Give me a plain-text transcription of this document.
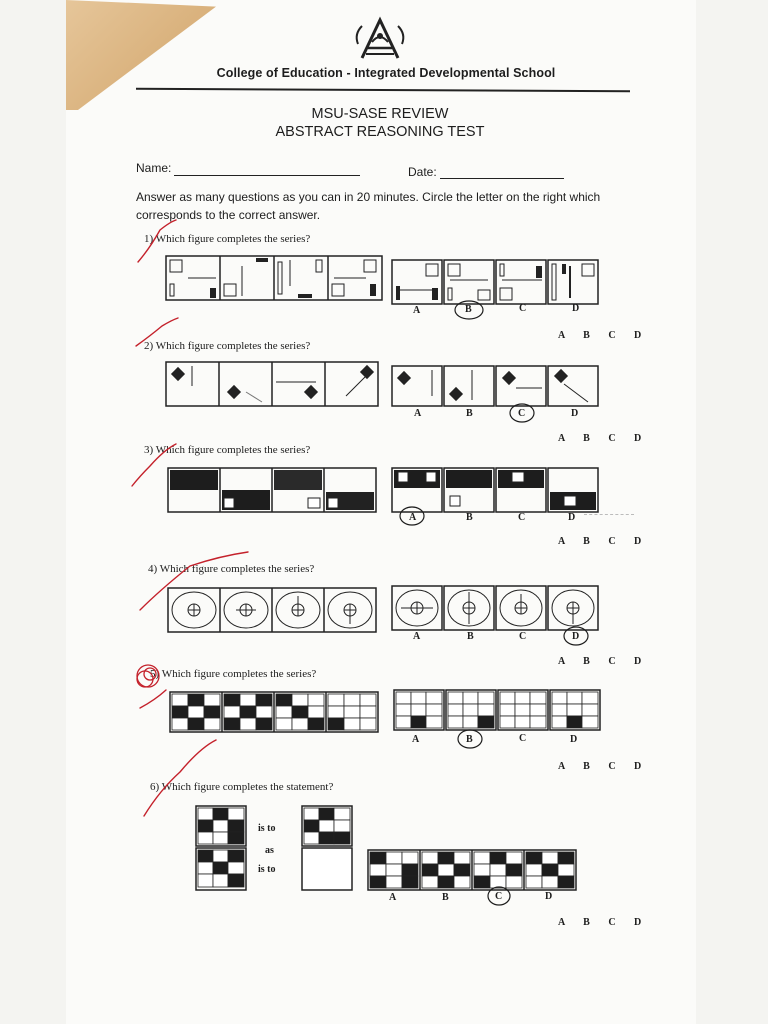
College of Education - Integrated Developmental School
MSU-SASE REVIEW
ABSTRACT REASONING TEST
Name:	Date:
Answer as many questions as you can in 20 minutes. Circle the letter on the right which corresponds to the correct answer.
1) Which figure completes the series?
A	B	C	D
A B C D
2) Which figure completes the series?
A	B	C	D
A B C D
3) Which figure completes the series?
A	B	C	D
A B C D
4) Which figure completes the series?
A	B	C	D
A B C D
5) Which figure completes the series?
A	B	C	D
A B C D
6) Which figure completes the statement?
is to
as
is to
A	B	C	D
A B C D
